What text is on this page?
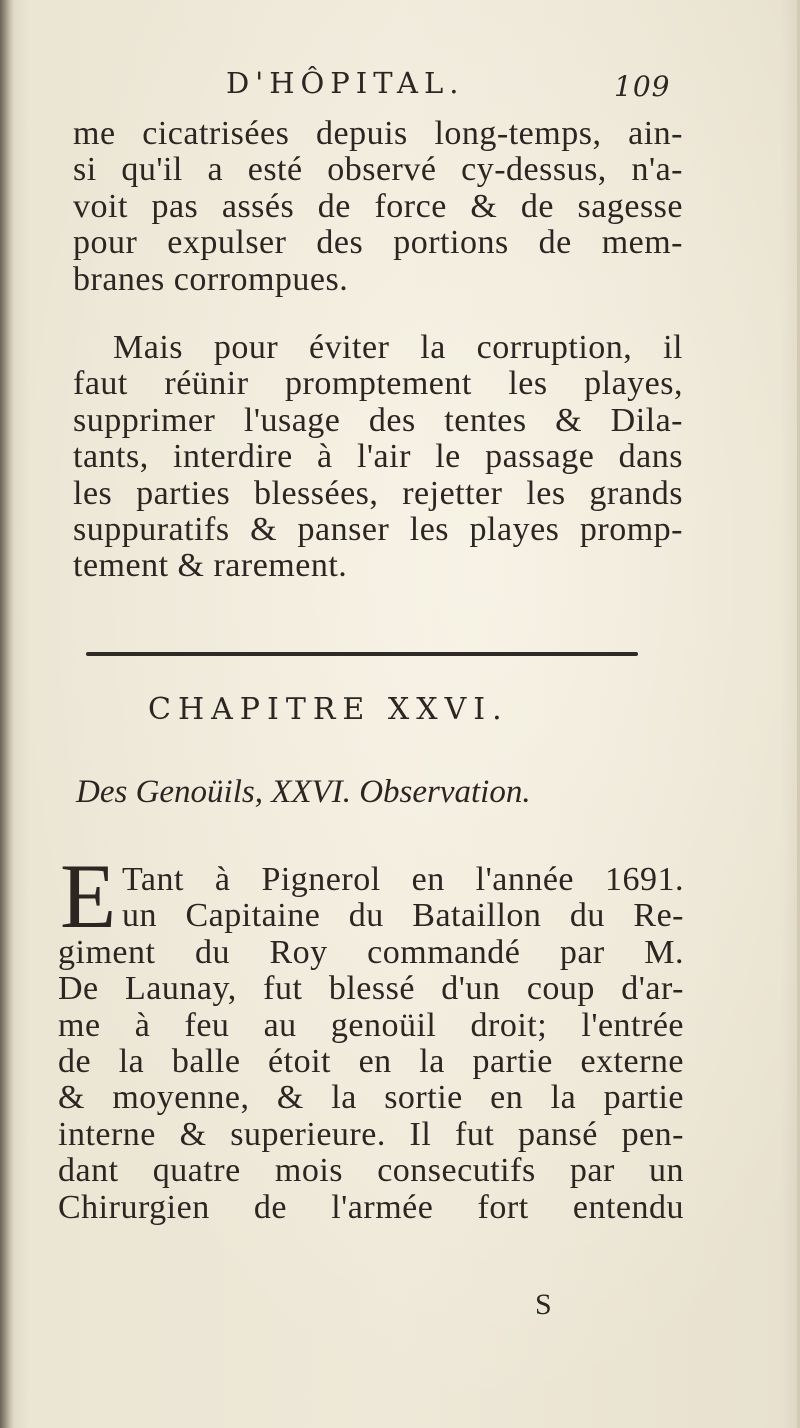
D'HÔPITAL.	109
me cicatrisées depuis long-temps, ain-
si qu'il a esté observé cy-dessus, n'a-
voit pas assés de force & de sagesse
pour expulser des portions de mem-
branes corrompues.
Mais pour éviter la corruption, il
faut réünir promptement les playes,
supprimer l'usage des tentes & Dila-
tants, interdire à l'air le passage dans
les parties blessées, rejetter les grands
suppuratifs & panser les playes promp-
tement & rarement.
CHAPITRE XXVI.
Des Genoüils, XXVI. Observation.
E Tant à Pignerol en l'année 1691.
un Capitaine du Bataillon du Re-
giment du Roy commandé par M.
De Launay, fut blessé d'un coup d'ar-
me à feu au genoüil droit; l'entrée
de la balle étoit en la partie externe
& moyenne, & la sortie en la partie
interne & superieure. Il fut pansé pen-
dant quatre mois consecutifs par un
Chirurgien de l'armée fort entendu
S
